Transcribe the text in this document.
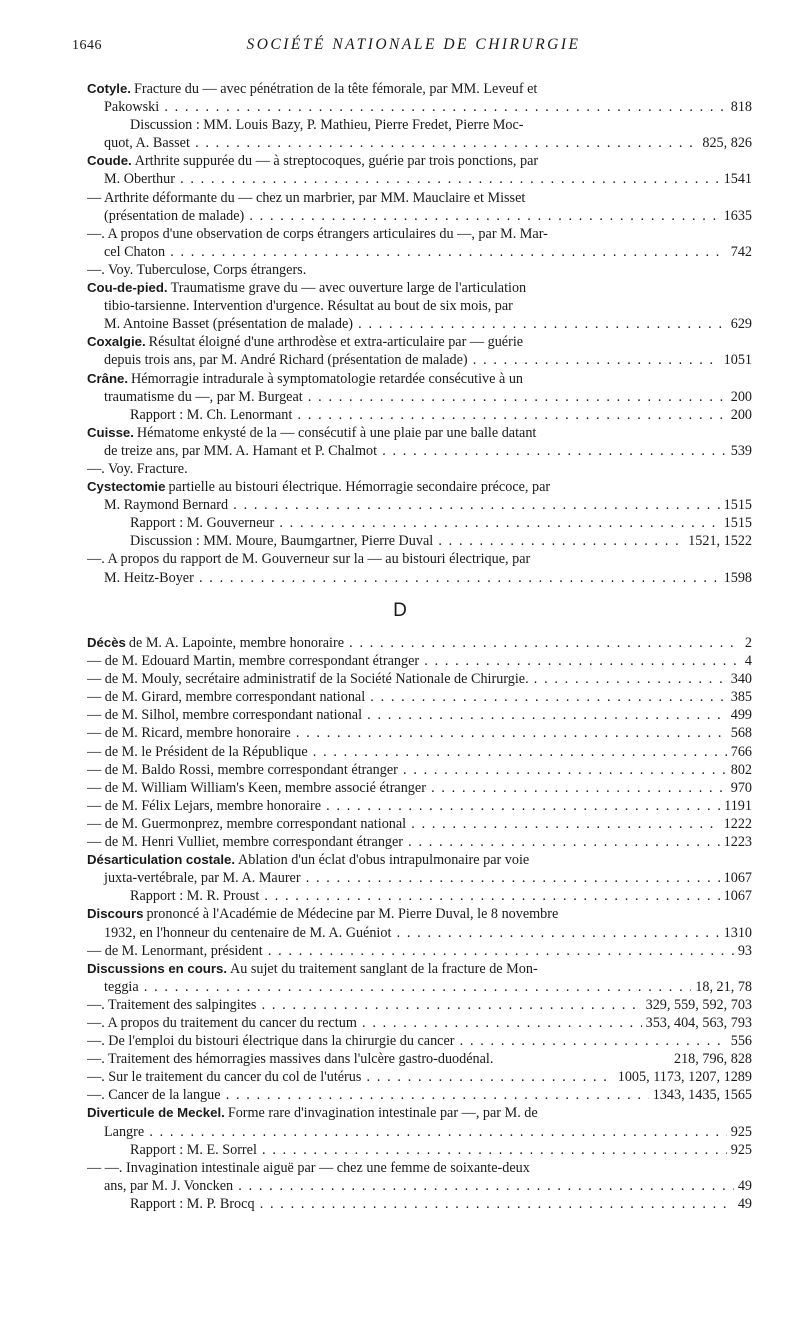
1646	SOCIÉTÉ NATIONALE DE CHIRURGIE
Cotyle. Fracture du — avec pénétration de la tête fémorale, par MM. Leveuf et
Pakowski . . .	818
Discussion : MM. Louis Bazy, P. Mathieu, Pierre Fredet, Pierre Moc-
quot, A. Basset . . .	825, 826
Coude. Arthrite suppurée du — à streptocoques, guérie par trois ponctions, par
M. Oberthur . . .	1541
— Arthrite déformante du — chez un marbrier, par MM. Mauclaire et Misset
(présentation de malade) . . .	1635
—. A propos d'une observation de corps étrangers articulaires du —, par M. Mar-
cel Chaton . . .	742
—. Voy. Tuberculose, Corps étrangers.
Cou-de-pied. Traumatisme grave du — avec ouverture large de l'articulation
tibio-tarsienne. Intervention d'urgence. Résultat au bout de six mois, par
M. Antoine Basset (présentation de malade) . . .	629
Coxalgie. Résultat éloigné d'une arthrodèse et extra-articulaire par — guérie
depuis trois ans, par M. André Richard (présentation de malade) . . .	1051
Crâne. Hémorragie intradurale à symptomatologie retardée consécutive à un
traumatisme du —, par M. Burgeat . . .	200
Rapport : M. Ch. Lenormant . . .	200
Cuisse. Hématome enkysté de la — consécutif à une plaie par une balle datant
de treize ans, par MM. A. Hamant et P. Chalmot . . .	539
—. Voy. Fracture.
Cystectomie partielle au bistouri électrique. Hémorragie secondaire précoce, par
M. Raymond Bernard . . .	1515
Rapport : M. Gouverneur . . .	1515
Discussion : MM. Moure, Baumgartner, Pierre Duval . . .	1521, 1522
—. A propos du rapport de M. Gouverneur sur la — au bistouri électrique, par
M. Heitz-Boyer . . .	1598
D
Décès de M. A. Lapointe, membre honoraire . . .	2
— de M. Edouard Martin, membre correspondant étranger . . .	4
— de M. Mouly, secrétaire administratif de la Société Nationale de Chirurgie. . . .	340
— de M. Girard, membre correspondant national . . .	385
— de M. Silhol, membre correspondant national . . .	499
— de M. Ricard, membre honoraire . . .	568
— de M. le Président de la République . . .	766
— de M. Baldo Rossi, membre correspondant étranger . . .	802
— de M. William William's Keen, membre associé étranger . . .	970
— de M. Félix Lejars, membre honoraire . . .	1191
— de M. Guermonprez, membre correspondant national . . .	1222
— de M. Henri Vulliet, membre correspondant étranger . . .	1223
Désarticulation costale. Ablation d'un éclat d'obus intrapulmonaire par voie
juxta-vertébrale, par M. A. Maurer . . .	1067
Rapport : M. R. Proust . . .	1067
Discours prononcé à l'Académie de Médecine par M. Pierre Duval, le 8 novembre
1932, en l'honneur du centenaire de M. A. Guéniot . . .	1310
— de M. Lenormant, président . . .	93
Discussions en cours. Au sujet du traitement sanglant de la fracture de Mon-
teggia . . .	18, 21, 78
—. Traitement des salpingites . . .	329, 559, 592, 703
—. A propos du traitement du cancer du rectum . . .	353, 404, 563, 793
—. De l'emploi du bistouri électrique dans la chirurgie du cancer . . .	556
—. Traitement des hémorragies massives dans l'ulcère gastro-duodénal.	218, 796, 828
—. Sur le traitement du cancer du col de l'utérus . . .	1005, 1173, 1207, 1289
—. Cancer de la langue . . .	1343, 1435, 1565
Diverticule de Meckel. Forme rare d'invagination intestinale par —, par M. de
Langre . . .	925
Rapport : M. E. Sorrel . . .	925
— —. Invagination intestinale aiguë par — chez une femme de soixante-deux
ans, par M. J. Voncken . . .	49
Rapport : M. P. Brocq . . .	49
